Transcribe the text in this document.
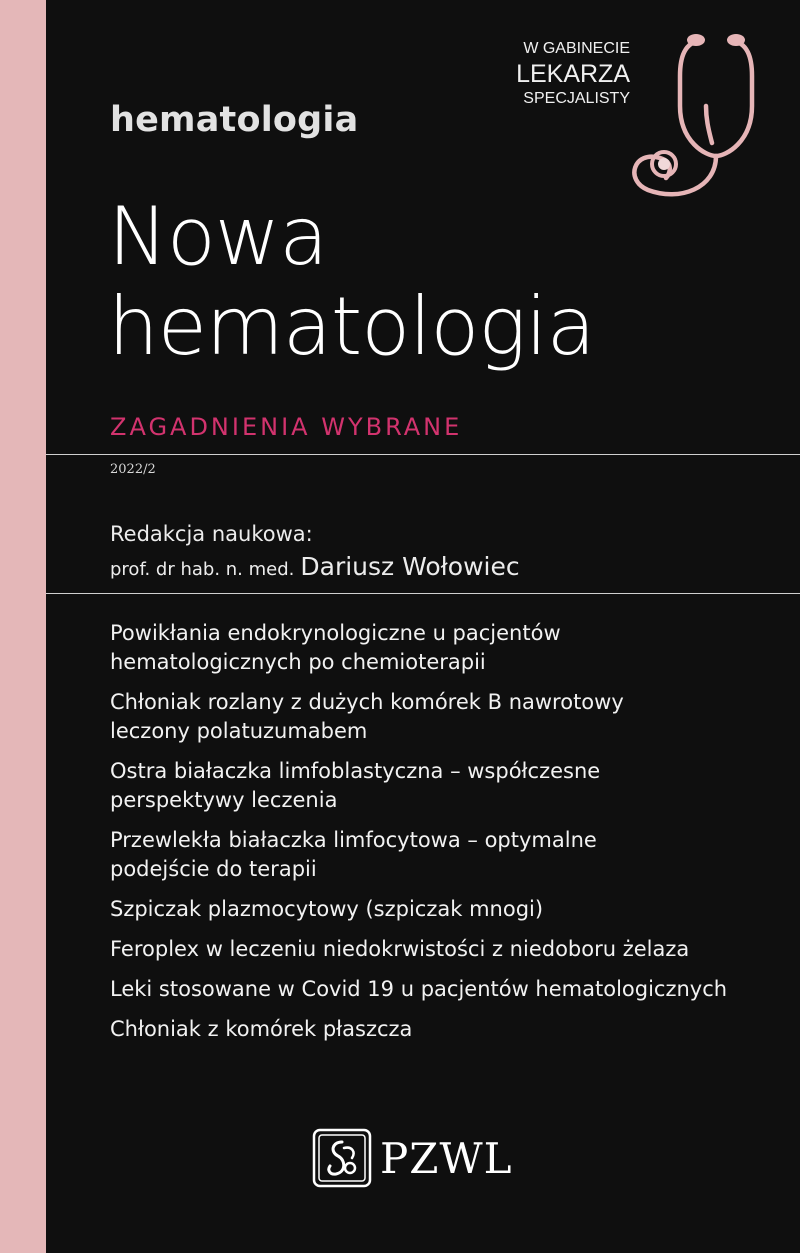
hematologia
W GABINECIE
LEKARZA
SPECJALISTY
Nowa
hematologia
ZAGADNIENIA WYBRANE
2022/2
Redakcja naukowa:
prof. dr hab. n. med. Dariusz Wołowiec
Powikłania endokrynologiczne u pacjentów
hematologicznych po chemioterapii
Chłoniak rozlany z dużych komórek B nawrotowy
leczony polatuzumabem
Ostra białaczka limfoblastyczna – współczesne
perspektywy leczenia
Przewlekła białaczka limfocytowa – optymalne
podejście do terapii
Szpiczak plazmocytowy (szpiczak mnogi)
Feroplex w leczeniu niedokrwistości z niedoboru żelaza
Leki stosowane w Covid 19 u pacjentów hematologicznych
Chłoniak z komórek płaszcza
PZWL
